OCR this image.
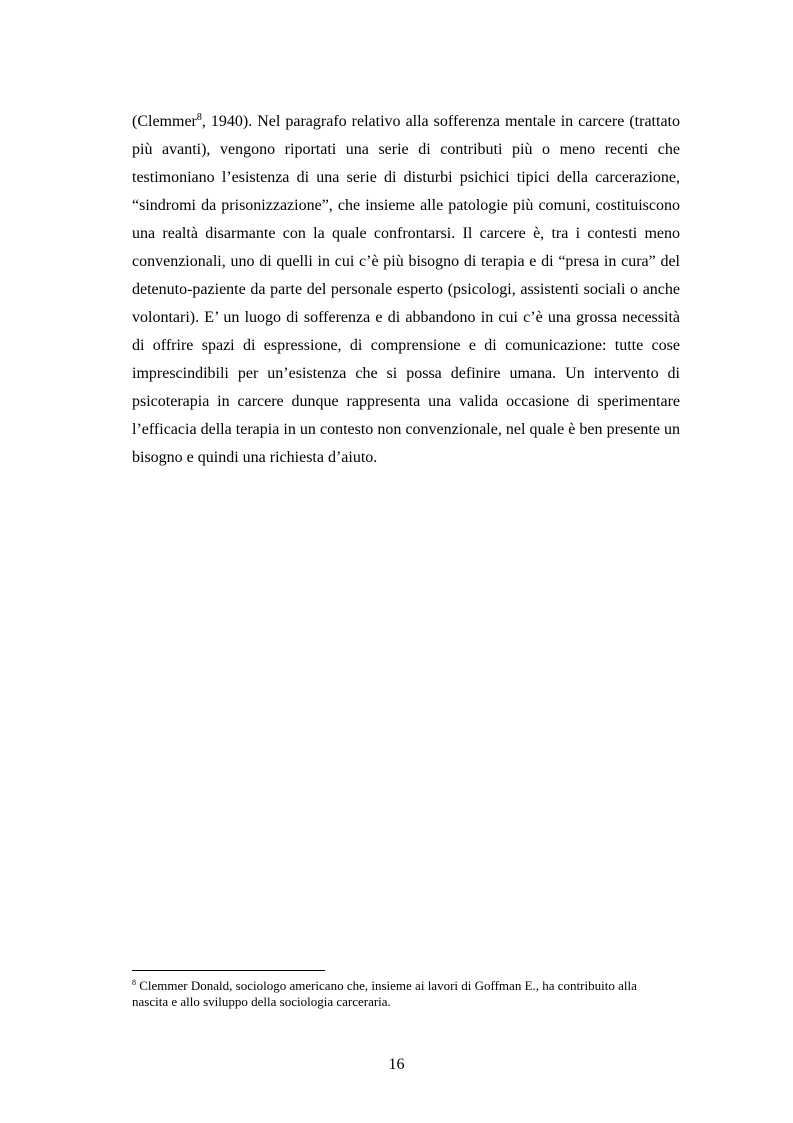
(Clemmer$^8$, 1940). Nel paragrafo relativo alla sofferenza mentale in carcere (trattato
più avanti), vengono riportati una serie di contributi più o meno recenti che
testimoniano l’esistenza di una serie di disturbi psichici tipici della carcerazione,
“sindromi da prisonizzazione”, che insieme alle patologie più comuni, costituiscono
una realtà disarmante con la quale confrontarsi. Il carcere è, tra i contesti meno
convenzionali, uno di quelli in cui c’è più bisogno di terapia e di “presa in cura” del
detenuto-paziente da parte del personale esperto (psicologi, assistenti sociali o anche
volontari). E’ un luogo di sofferenza e di abbandono in cui c’è una grossa necessità
di offrire spazi di espressione, di comprensione e di comunicazione: tutte cose
imprescindibili per un’esistenza che si possa definire umana. Un intervento di
psicoterapia in carcere dunque rappresenta una valida occasione di sperimentare
l’efficacia della terapia in un contesto non convenzionale, nel quale è ben presente un
bisogno e quindi una richiesta d’aiuto.
$^8$ Clemmer Donald, sociologo americano che, insieme ai lavori di Goffman E., ha contribuito alla
nascita e allo sviluppo della sociologia carceraria.
16
